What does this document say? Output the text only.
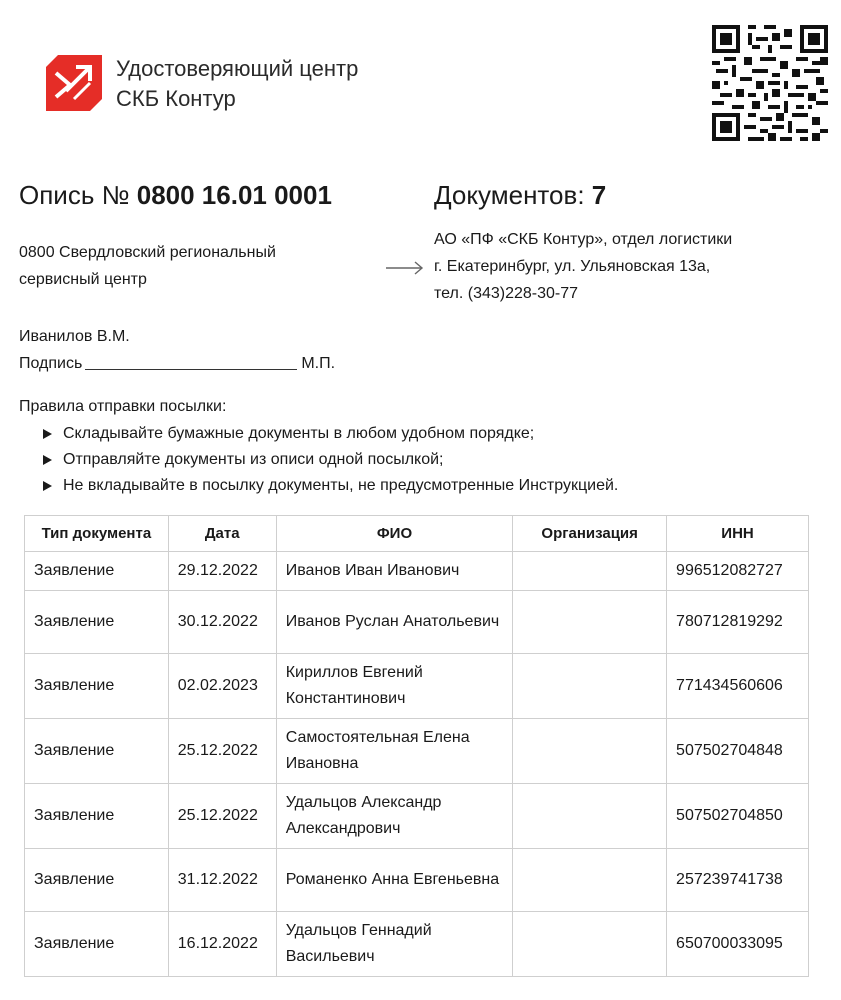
Удостоверяющий центр
СКБ Контур
Опись № 0800 16.01 0001	Документов: 7
0800 Свердловский региональный
сервисный центр
АО «ПФ «СКБ Контур», отдел логистики
г. Екатеринбург, ул. Ульяновская 13а,
тел. (343)228-30-77
Иванилов В.М.
Подпись	М.П.
Правила отправки посылки:
Складывайте бумажные документы в любом удобном порядке;
Отправляйте документы из описи одной посылкой;
Не вкладывайте в посылку документы, не предусмотренные Инструкцией.
Тип документа	Дата	ФИО	Организация	ИНН
Заявление	29.12.2022	Иванов Иван Иванович		996512082727
Заявление	30.12.2022	Иванов Руслан Анатольевич		780712819292
Заявление	02.02.2023	Кириллов Евгений Константинович		771434560606
Заявление	25.12.2022	Самостоятельная Елена Ивановна		507502704848
Заявление	25.12.2022	Удальцов Александр Александрович		507502704850
Заявление	31.12.2022	Романенко Анна Евгеньевна		257239741738
Заявление	16.12.2022	Удальцов Геннадий Васильевич		650700033095
